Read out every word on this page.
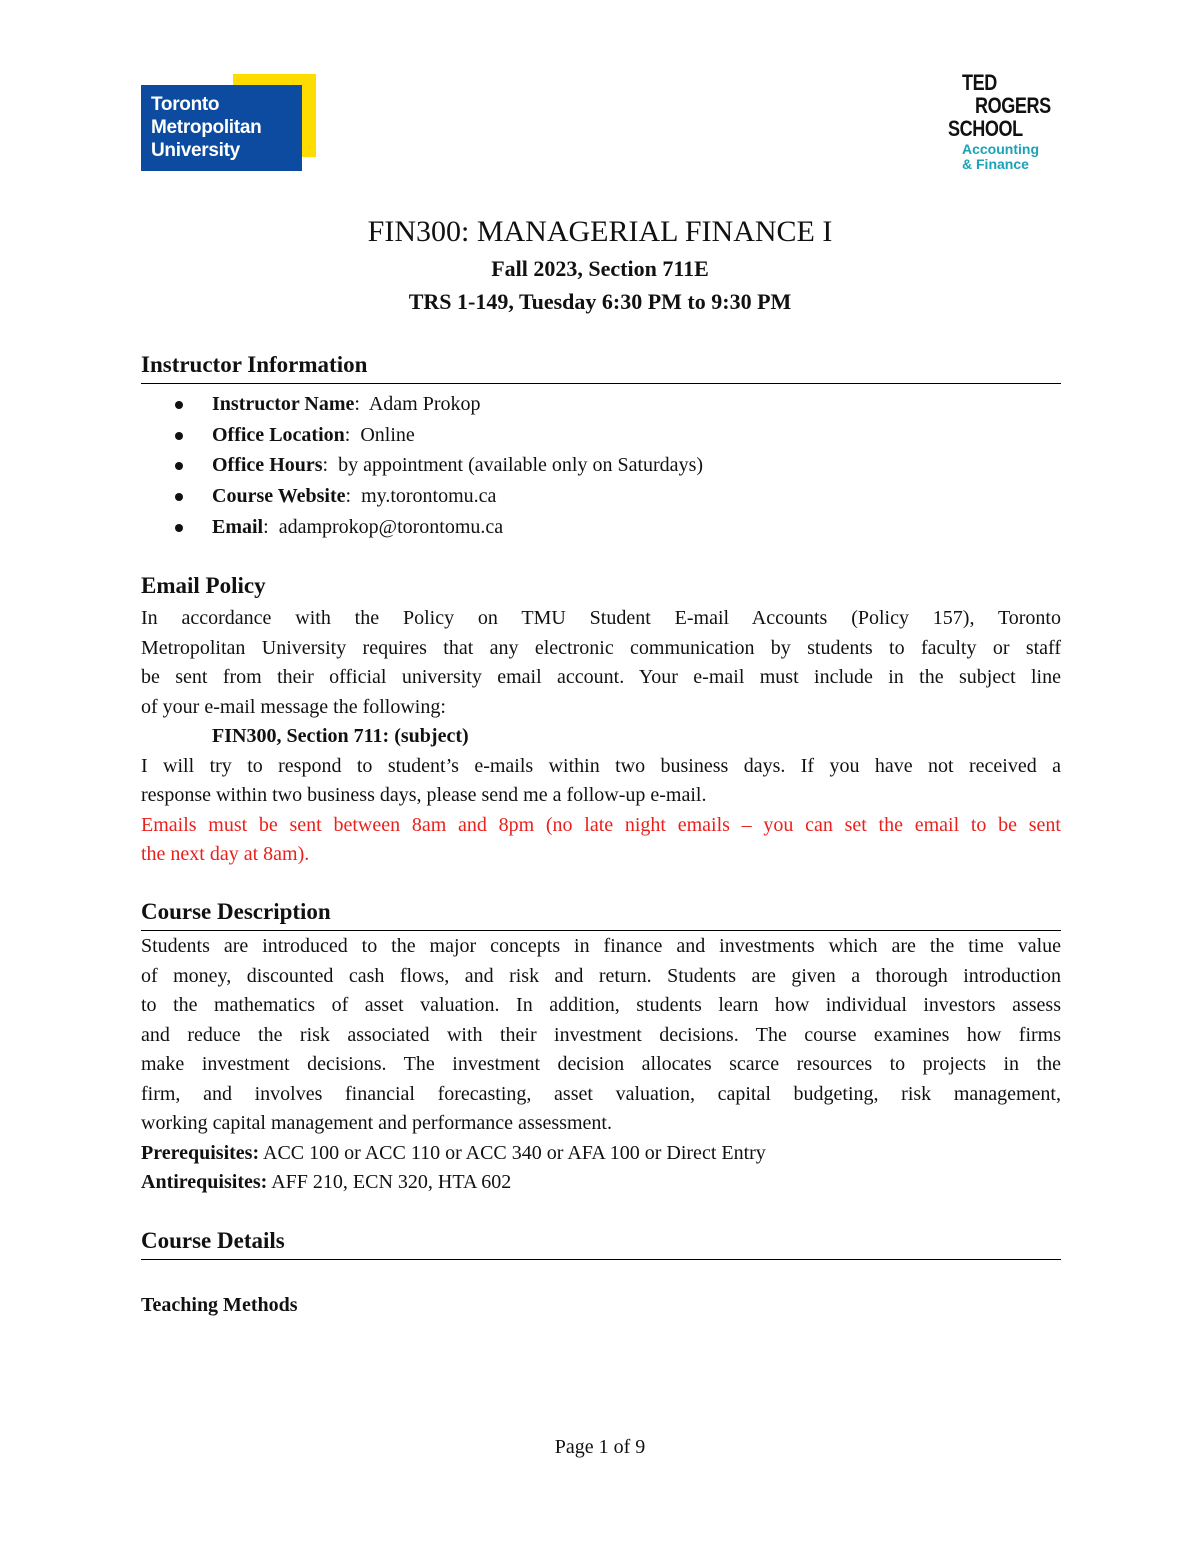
Toronto
Metropolitan
University
TED
ROGERS
SCHOOL
Accounting
& Finance
FIN300: MANAGERIAL FINANCE I
Fall 2023, Section 711E
TRS 1-149, Tuesday 6:30 PM to 9:30 PM
Instructor Information
Instructor Name:  Adam Prokop
Office Location:  Online
Office Hours:  by appointment (available only on Saturdays)
Course Website:  my.torontomu.ca
Email:  adamprokop@torontomu.ca
Email Policy
In accordance with the Policy on TMU Student E-mail Accounts (Policy 157), Toronto
Metropolitan University requires that any electronic communication by students to faculty or staff
be sent from their official university email account. Your e-mail must include in the subject line
of your e-mail message the following:
FIN300, Section 711: (subject)
I will try to respond to student’s e-mails within two business days. If you have not received a
response within two business days, please send me a follow-up e-mail.
Emails must be sent between 8am and 8pm (no late night emails – you can set the email to be sent
the next day at 8am).
Course Description
Students are introduced to the major concepts in finance and investments which are the time value
of money, discounted cash flows, and risk and return. Students are given a thorough introduction
to the mathematics of asset valuation. In addition, students learn how individual investors assess
and reduce the risk associated with their investment decisions. The course examines how firms
make investment decisions. The investment decision allocates scarce resources to projects in the
firm, and involves financial forecasting, asset valuation, capital budgeting, risk management,
working capital management and performance assessment.
Prerequisites: ACC 100 or ACC 110 or ACC 340 or AFA 100 or Direct Entry
Antirequisites: AFF 210, ECN 320, HTA 602
Course Details
Teaching Methods
Page 1 of 9
